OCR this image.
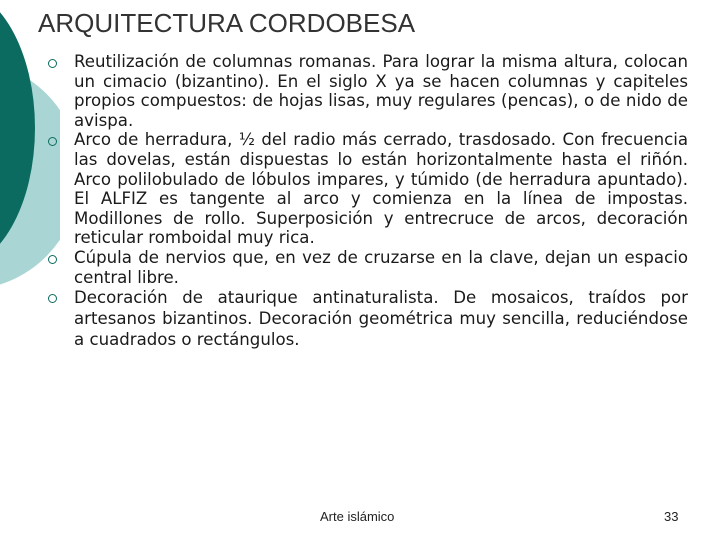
ARQUITECTURA CORDOBESA
Reutilización de columnas romanas. Para lograr la misma altura, colocan un cimacio (bizantino). En el siglo X ya se hacen columnas y capiteles propios compuestos: de hojas lisas, muy regulares (pencas), o de nido de avispa.
Arco de herradura, ½ del radio más cerrado, trasdosado. Con frecuencia las dovelas, están dispuestas lo están horizontalmente hasta el riñón. Arco polilobulado de lóbulos impares, y túmido (de herradura apuntado). El ALFIZ es tangente al arco y comienza en la línea de impostas. Modillones de rollo. Superposición y entrecruce de arcos, decoración reticular romboidal muy rica.
Cúpula de nervios que, en vez de cruzarse en la clave, dejan un espacio central libre.
Decoración de ataurique antinaturalista. De mosaicos, traídos por artesanos bizantinos. Decoración geométrica muy sencilla, reduciéndose a cuadrados o rectángulos.
Arte islámico	33
